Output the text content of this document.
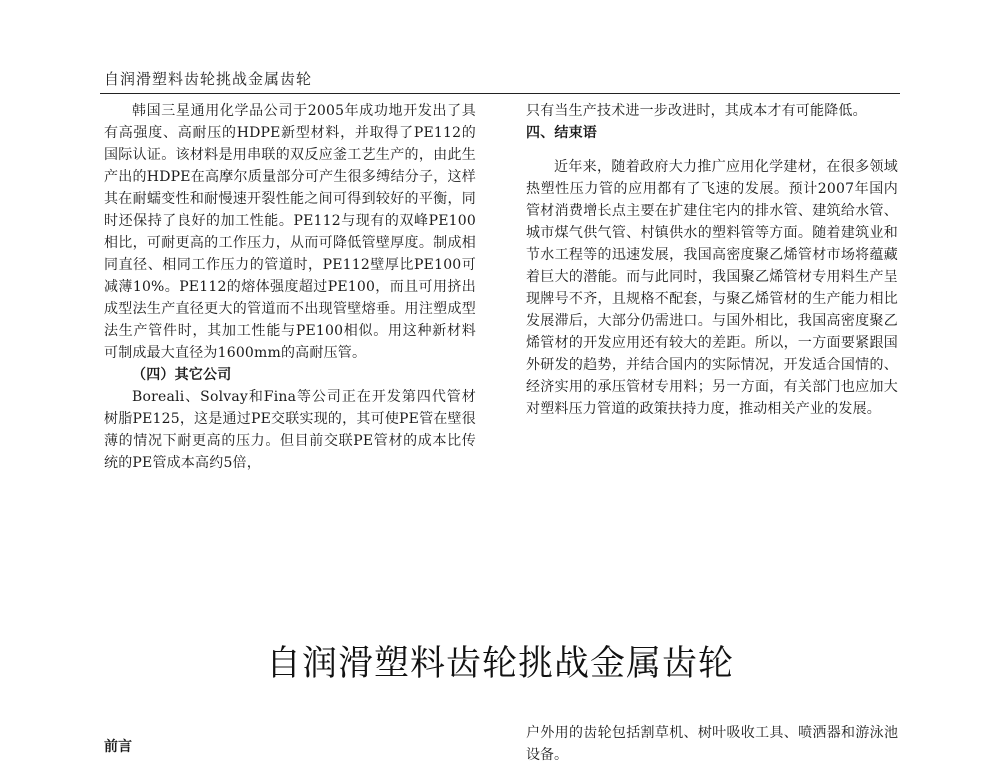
自润滑塑料齿轮挑战金属齿轮

韩国三星通用化学品公司于2005年成功地开发出了具有高强度、高耐压的HDPE新型材料，并取得了PE112的国际认证。该材料是用串联的双反应釜工艺生产的，由此生产出的HDPE在高摩尔质量部分可产生很多缚结分子，这样其在耐蠕变性和耐慢速开裂性能之间可得到较好的平衡，同时还保持了良好的加工性能。PE112与现有的双峰PE100相比，可耐更高的工作压力，从而可降低管壁厚度。制成相同直径、相同工作压力的管道时，PE112壁厚比PE100可减薄10%。PE112的熔体强度超过PE100，而且可用挤出成型法生产直径更大的管道而不出现管壁熔垂。用注塑成型法生产管件时，其加工性能与PE100相似。用这种新材料可制成最大直径为1600mm的高耐压管。

（四）其它公司

Boreali、Solvay和Fina等公司正在开发第四代管材树脂PE125，这是通过PE交联实现的，其可使PE管在壁很薄的情况下耐更高的压力。但目前交联PE管材的成本比传统的PE管成本高约5倍，

只有当生产技术进一步改进时，其成本才有可能降低。

四、结束语

近年来，随着政府大力推广应用化学建材，在很多领域热塑性压力管的应用都有了飞速的发展。预计2007年国内管材消费增长点主要在扩建住宅内的排水管、建筑给水管、城市煤气供气管、村镇供水的塑料管等方面。随着建筑业和节水工程等的迅速发展，我国高密度聚乙烯管材市场将蕴藏着巨大的潜能。而与此同时，我国聚乙烯管材专用料生产呈现牌号不齐，且规格不配套，与聚乙烯管材的生产能力相比发展滞后，大部分仍需进口。与国外相比，我国高密度聚乙烯管材的开发应用还有较大的差距。所以，一方面要紧跟国外研发的趋势，并结合国内的实际情况，开发适合国情的、经济实用的承压管材专用料；另一方面，有关部门也应加大对塑料压力管道的政策扶持力度，推动相关产业的发展。

自润滑塑料齿轮挑战金属齿轮
前言
户外用的齿轮包括割草机、树叶吸收工具、喷洒器和游泳池设备。
